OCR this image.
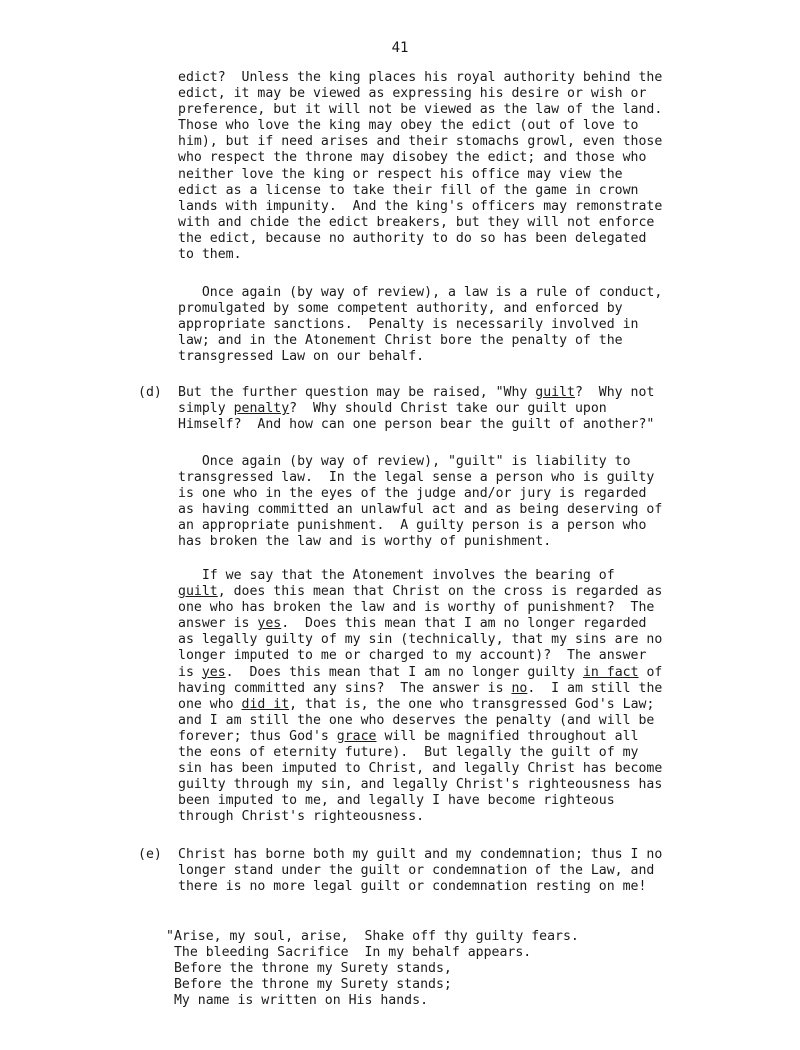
41
edict?  Unless the king places his royal authority behind the
edict, it may be viewed as expressing his desire or wish or
preference, but it will not be viewed as the law of the land.
Those who love the king may obey the edict (out of love to
him), but if need arises and their stomachs growl, even those
who respect the throne may disobey the edict; and those who
neither love the king or respect his office may view the
edict as a license to take their fill of the game in crown
lands with impunity.  And the king's officers may remonstrate
with and chide the edict breakers, but they will not enforce
the edict, because no authority to do so has been delegated
to them.
Once again (by way of review), a law is a rule of conduct,
promulgated by some competent authority, and enforced by
appropriate sanctions.  Penalty is necessarily involved in
law; and in the Atonement Christ bore the penalty of the
transgressed Law on our behalf.
(d) But the further question may be raised, "Why guilt?  Why not
simply penalty?  Why should Christ take our guilt upon
Himself?  And how can one person bear the guilt of another?"
Once again (by way of review), "guilt" is liability to
transgressed law.  In the legal sense a person who is guilty
is one who in the eyes of the judge and/or jury is regarded
as having committed an unlawful act and as being deserving of
an appropriate punishment.  A guilty person is a person who
has broken the law and is worthy of punishment.
If we say that the Atonement involves the bearing of
guilt, does this mean that Christ on the cross is regarded as
one who has broken the law and is worthy of punishment?  The
answer is yes.  Does this mean that I am no longer regarded
as legally guilty of my sin (technically, that my sins are no
longer imputed to me or charged to my account)?  The answer
is yes.  Does this mean that I am no longer guilty in fact of
having committed any sins?  The answer is no.  I am still the
one who did it, that is, the one who transgressed God's Law;
and I am still the one who deserves the penalty (and will be
forever; thus God's grace will be magnified throughout all
the eons of eternity future).  But legally the guilt of my
sin has been imputed to Christ, and legally Christ has become
guilty through my sin, and legally Christ's righteousness has
been imputed to me, and legally I have become righteous
through Christ's righteousness.
(e) Christ has borne both my guilt and my condemnation; thus I no
longer stand under the guilt or condemnation of the Law, and
there is no more legal guilt or condemnation resting on me!
"Arise, my soul, arise,  Shake off thy guilty fears.
The bleeding Sacrifice  In my behalf appears.
Before the throne my Surety stands,
Before the throne my Surety stands;
My name is written on His hands.
